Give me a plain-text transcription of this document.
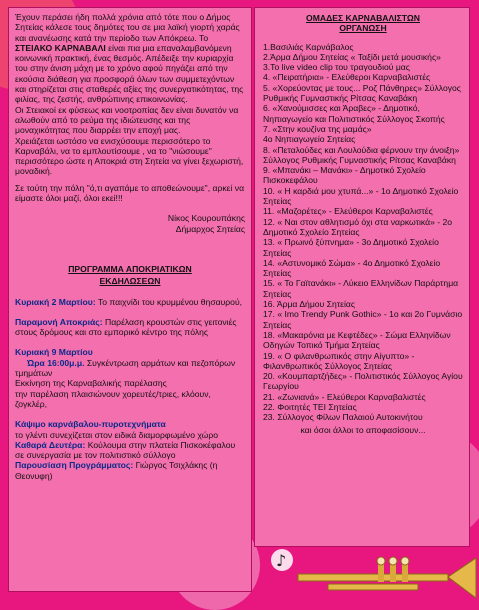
Έχουν περάσει ήδη πολλά χρόνια από τότε που ο Δήμος Σητείας κάλεσε τους δημότες του σε μια λαϊκή γιορτή χαράς και ανανέωσης κατά την περίοδο των Απόκρεω. Το ΣΤΕΙΑΚΟ ΚΑΡΝΑΒΑΛΙ είναι πια μια επαναλαμβανόμενη κοινωνική πρακτική, ένας θεσμός. Απέδειξε την κυριαρχία του στην άνιση μάχη με το χρόνο αφού πηγάζει από την εκούσια διάθεση για προσφορά όλων των συμμετεχόντων και στηρίζεται στις σταθερές αξίες της συνεργατικότητας, της φιλίας, της ζεστής, ανθρώπινης επικοινωνίας.

Οι Στειακοί εκ φύσεως και νοοτροπίας δεν είναι δυνατόν να αλωθούν από το ρεύμα της ιδιώτευσης και της μοναχικότητας που διαρρέει την εποχή μας.

Χρειάζεται ωστόσο να ενισχύσουμε περισσότερο το Καρναβάλι, να το εμπλουτίσουμε , να το "νιώσουμε" περισσότερο ώστε η Αποκριά στη Σητεία να γίνει ξεχωριστή, μοναδική.

Σε τούτη την πόλη "ό,τι αγαπάμε το αποθεώνουμε", αρκεί να είμαστε όλοι μαζί, όλοι εκεί!!!

Νίκος Κουρουπάκης

Δήμαρχος Σητείας

ΠΡΟΓΡΑΜΜΑ ΑΠΟΚΡΙΑΤΙΚΩΝ

ΕΚΔΗΛΩΣΕΩΝ

Κυριακή 2 Μαρτίου: Το παιχνίδι του κρυμμένου θησαυρού,

Παραμονή Αποκριάς: Παρέλαση κρουστών στις γειτονιές στους δρόμους και στο εμπορικό κέντρο της πόλης

Κυριακή 9 Μαρτίου

Ώρα 16:00μ.μ. Συγκέντρωση αρμάτων και πεζοπόρων τμημάτων

Εκκίνηση της Καρναβαλικής παρέλασης

την παρέλαση πλαισιώνουν χορευτές/τριες, κλόουν, ζογκλέρ,

Κάψιμο καρνάβαλου-πυροτεχνήματα

το γλέντι συνεχίζεται στον ειδικά διαμορφωμένο χώρο

Καθαρά Δευτέρα: Κούλουμα στην πλατεία Πισκοκέφαλου σε συνεργασία με τον πολιτιστικό σύλλογο

Παρουσίαση Προγράμματος: Γιώργος Τσιχλάκης (η Θεονυφη)

ΟΜΑΔΕΣ ΚΑΡΝΑΒΑΛΙΣΤΩΝ

ΟΡΓΑΝΩΣΗ

1.Βασιλιάς Καρνάβαλος
2.Άρμα Δήμου Σητείας « Ταξίδι μετά μουσικής»
3.To live video clip του τραγουδιού μας
4. «Πειρατήρια» - Ελεύθεροι Καρναβαλιστές
5. «Χορεύοντας με τους... Ροζ Πάνθηρες» Σύλλογος Ρυθμικής Γυμναστικής Ρίτσας Καναβάκη
6. «Χανούμισσες και Άραβες» - Δημοτικό, Νηπιαγωγείο και Πολιτιστικός Σύλλογος Σκοπής
7. «Στην κουζίνα της μαμάς»
4ο Νηπιαγωγείο Σητείας
8. «Πεταλούδες και Λουλούδια φέρνουν την άνοιξη»
Σύλλογος Ρυθμικής Γυμναστικής Ρίτσας Καναβάκη
9. «Μπανάκι – Μανάκι» - Δημοτικό Σχολείο Πισκοκεφάλου
10. « Η καρδιά μου χτυπά...» - 1ο Δημοτικό Σχολείο Σητείας
11. «Μαζορέτες» - Ελεύθεροι Καρναβαλιστές
12. « Ναι στον αθλητισμό όχι στα ναρκωτικά» - 2ο Δημοτικό Σχολείο Σητείας
13. « Πρωινό ξύπνημα» - 3ο Δημοτικό Σχολείο Σητείας
14. «Αστυνομικό Σώμα» - 4ο Δημοτικό Σχολείο Σητείας
15. « Το Γαϊτανάκι» - Λύκειο Ελληνίδων Παράρτημα Σητείας
16. Άρμα Δήμου Σητείας
17. « Imo Trendy Punk Gothic» - 1ο και 2ο Γυμνάσιο Σητείας
18. «Μακαρόνια με Κεφτέδες» - Σώμα Ελληνίδων Οδηγών Τοπικό Τμήμα Σητείας
19. « Ο φιλανθρωπικός στην Αίγυπτο» - Φιλανθρωπικός Σύλλογος Σητείας
20. «Κουμπαρτζήδες» - Πολιτιστικός Σύλλογος Αγίου Γεωργίου
21. «Ζωνιανά» - Ελεύθεροι Καρναβαλιστές
22. Φοιτητές ΤΕΙ Σητείας
23. Σύλλογος Φίλων Παλαιού Αυτοκινήτου

και όσοι άλλοι το αποφασίσουν...

♪
